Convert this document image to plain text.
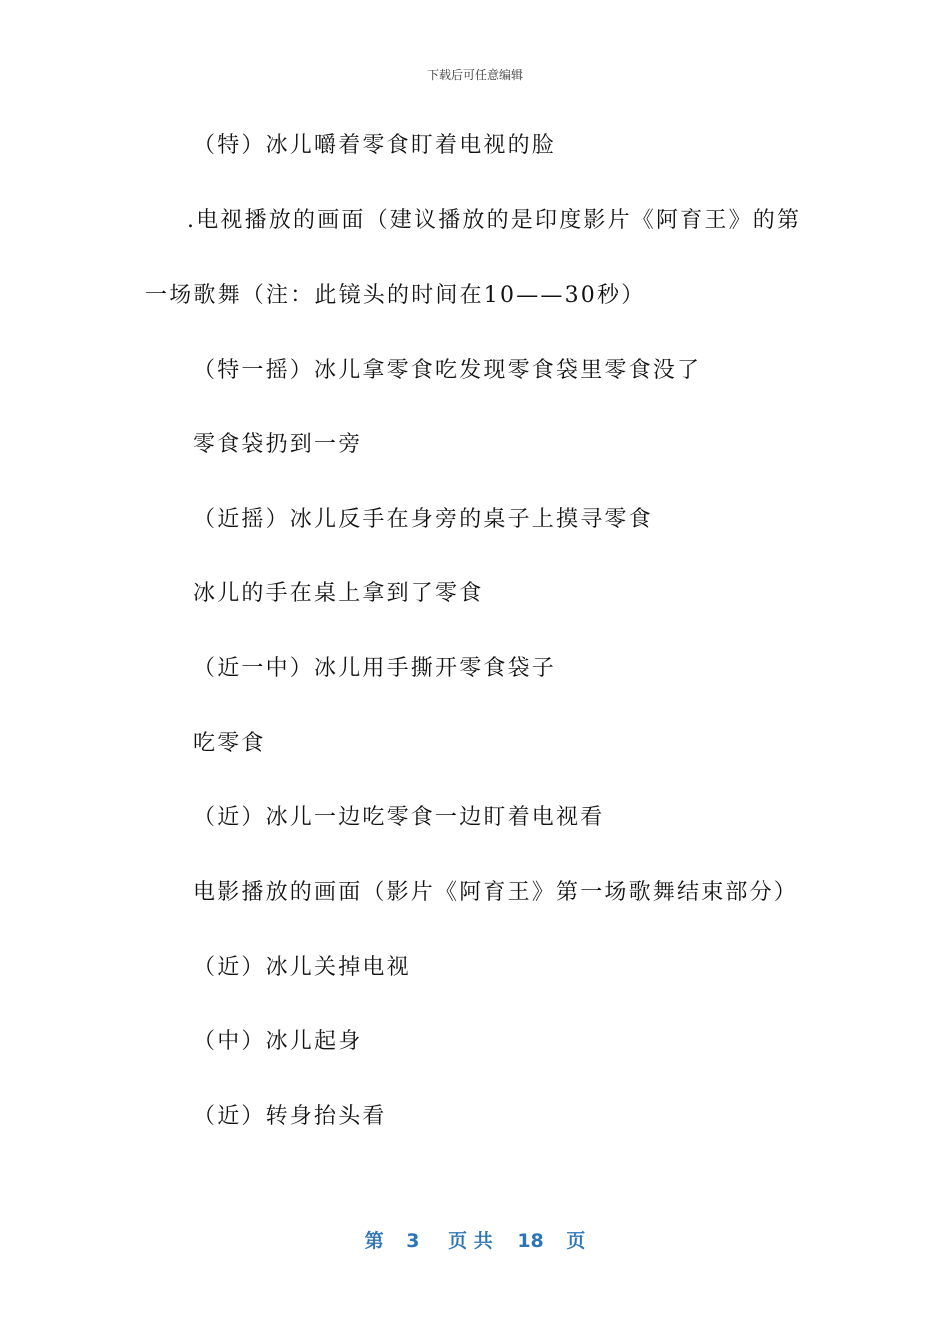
下载后可任意编辑
（特）冰儿嚼着零食盯着电视的脸
.电视播放的画面（建议播放的是印度影片《阿育王》的第
一场歌舞（注：此镜头的时间在10——30秒）
（特一摇）冰儿拿零食吃发现零食袋里零食没了
零食袋扔到一旁
（近摇）冰儿反手在身旁的桌子上摸寻零食
冰儿的手在桌上拿到了零食
（近一中）冰儿用手撕开零食袋子
吃零食
（近）冰儿一边吃零食一边盯着电视看
电影播放的画面（影片《阿育王》第一场歌舞结束部分）
（近）冰儿关掉电视
（中）冰儿起身
（近）转身抬头看
第 3 页 共 18 页
